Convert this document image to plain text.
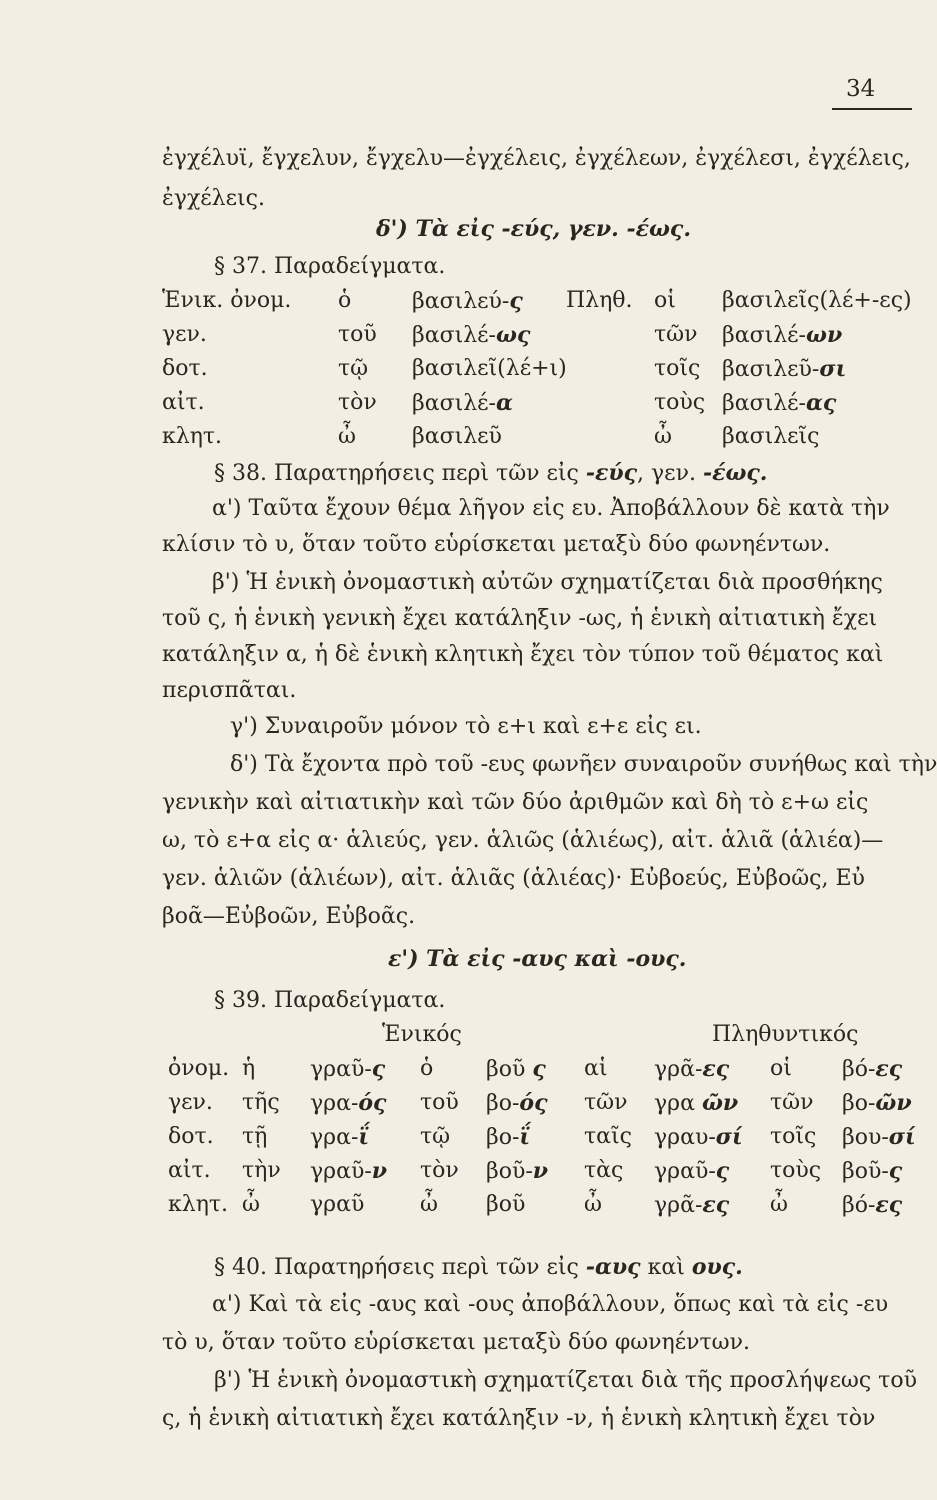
34
ἐγχέλυϊ, ἔγχελυν, ἔγχελυ—ἐγχέλεις, ἐγχέλεων, ἐγχέλεσι, ἐγχέλεις,
ἐγχέλεις.
δ') Τὰ εἰς -εύς, γεν. -έως.
§ 37. Παραδείγματα.
Ἑνικ. ὀνομ. ὁ	βασιλεύ-ς Πληθ. οἱ βασιλεῖς(λέ+-ες)
γεν.	τοῦ βασιλέ-ως	τῶν βασιλέ-ων
δοτ.	τῷ βασιλεῖ(λέ+ι)	τοῖς βασιλεῦ-σι
αἰτ.	τὸν βασιλέ-α	τοὺς βασιλέ-ας
κλητ.	ὦ	βασιλεῦ	ὦ βασιλεῖς
§ 38. Παρατηρήσεις περὶ τῶν εἰς -εύς, γεν. -έως.
α') Ταῦτα ἔχουν θέμα λῆγον εἰς ευ. Ἀποβάλλουν δὲ κατὰ τὴν
κλίσιν τὸ υ, ὅταν τοῦτο εὑρίσκεται μεταξὺ δύο φωνηέντων.
β') Ἡ ἑνικὴ ὀνομαστικὴ αὐτῶν σχηματίζεται διὰ προσθήκης
τοῦ ς, ἡ ἑνικὴ γενικὴ ἔχει κατάληξιν -ως, ἡ ἑνικὴ αἰτιατικὴ ἔχει
κατάληξιν α, ἡ δὲ ἑνικὴ κλητικὴ ἔχει τὸν τύπον τοῦ θέματος καὶ
περισπᾶται.
γ') Συναιροῦν μόνον τὸ ε+ι καὶ ε+ε εἰς ει.
δ') Τὰ ἔχοντα πρὸ τοῦ -ευς φωνῆεν συναιροῦν συνήθως καὶ τὴν
γενικὴν καὶ αἰτιατικὴν καὶ τῶν δύο ἀριθμῶν καὶ δὴ τὸ ε+ω εἰς
ω, τὸ ε+α εἰς α· ἁλιεύς, γεν. ἁλιῶς (ἁλιέως), αἰτ. ἁλιᾶ (ἁλιέα)—
γεν. ἁλιῶν (ἁλιέων), αἰτ. ἁλιᾶς (ἁλιέας)· Εὐβοεύς, Εὐβοῶς, Εὐ
βοᾶ—Εὐβοῶν, Εὐβοᾶς.
ε') Τὰ εἰς -αυς καὶ -ους.
§ 39. Παραδείγματα.
Ἑνικός	Πληθυντικός
ὀνομ. ἡ γραῦ-ς ὁ βοῦ ς αἱ γρᾶ-ες οἱ βό-ες
γεν. τῆς γρα-ός τοῦ βο-ός τῶν γρα ῶν τῶν βο-ῶν
δοτ. τῇ γρα-ΐ τῷ βο-ΐ ταῖς γραυ-σί τοῖς βου-σί
αἰτ. τὴν γραῦ-ν τὸν βοῦ-ν τὰς γραῦ-ς τοὺς βοῦ-ς
κλητ. ὦ γραῦ	ὦ βοῦ	ὦ γρᾶ-ες ὦ βό-ες
§ 40. Παρατηρήσεις περὶ τῶν εἰς -αυς καὶ ους.
α') Καὶ τὰ εἰς -αυς καὶ -ους ἀποβάλλουν, ὅπως καὶ τὰ εἰς -ευ
τὸ υ, ὅταν τοῦτο εὑρίσκεται μεταξὺ δύο φωνηέντων.
β') Ἡ ἑνικὴ ὀνομαστικὴ σχηματίζεται διὰ τῆς προσλήψεως τοῦ
ς, ἡ ἑνικὴ αἰτιατικὴ ἔχει κατάληξιν -ν, ἡ ἑνικὴ κλητικὴ ἔχει τὸν
